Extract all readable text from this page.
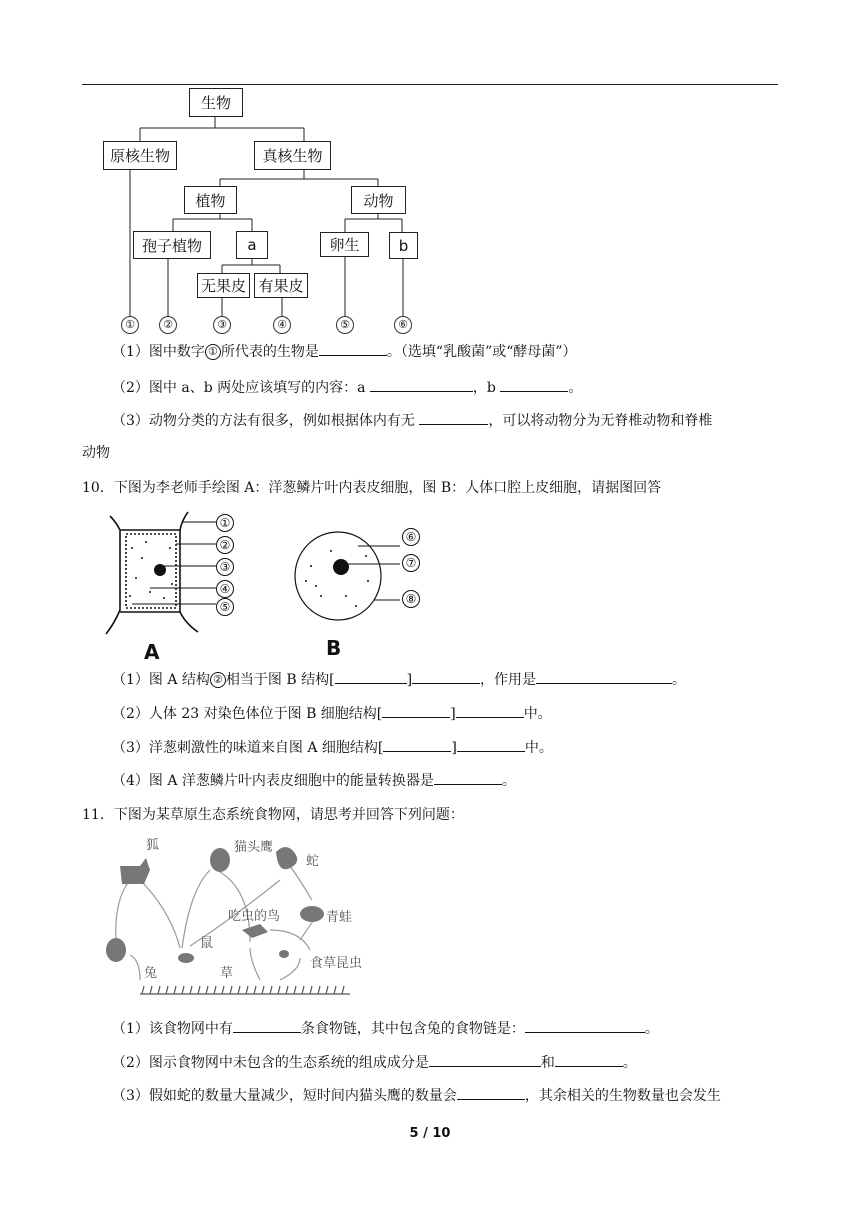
生物
原核生物	真核生物
植物	动物
孢子植物	a	卵生	b
无果皮 有果皮
①	②	③	④	⑤	⑥
（1）图中数字 ① 所代表的生物是	。（选填“乳酸菌”或“酵母菌”）
（2）图中 a、b 两处应该填写的内容：a	，b	。
（3）动物分类的方法有很多，例如根据体内有无	，可以将动物分为无脊椎动物和脊椎
动物
10．下图为李老师手绘图 A：洋葱鳞片叶内表皮细胞，图 B：人体口腔上皮细胞，请据图回答
①
②
③
④
⑤
A
⑥
⑦
⑧
B
（1）图 A 结构 ② 相当于图 B 结构[	]	，作用是	。
（2）人体 23 对染色体位于图 B 细胞结构[	]	中。
（3）洋葱刺激性的味道来自图 A 细胞结构[	]	中。
（4）图 A 洋葱鳞片叶内表皮细胞中的能量转换器是	。
11．下图为某草原生态系统食物网，请思考并回答下列问题：
狐	猫头鹰
蛇
吃虫的鸟	青蛙
鼠
兔	草
食草昆虫
（1）该食物网中有	条食物链，其中包含兔的食物链是：	。
（2）图示食物网中未包含的生态系统的组成成分是	和	。
（3）假如蛇的数量大量减少，短时间内猫头鹰的数量会	，其余相关的生物数量也会发生
5 / 10
